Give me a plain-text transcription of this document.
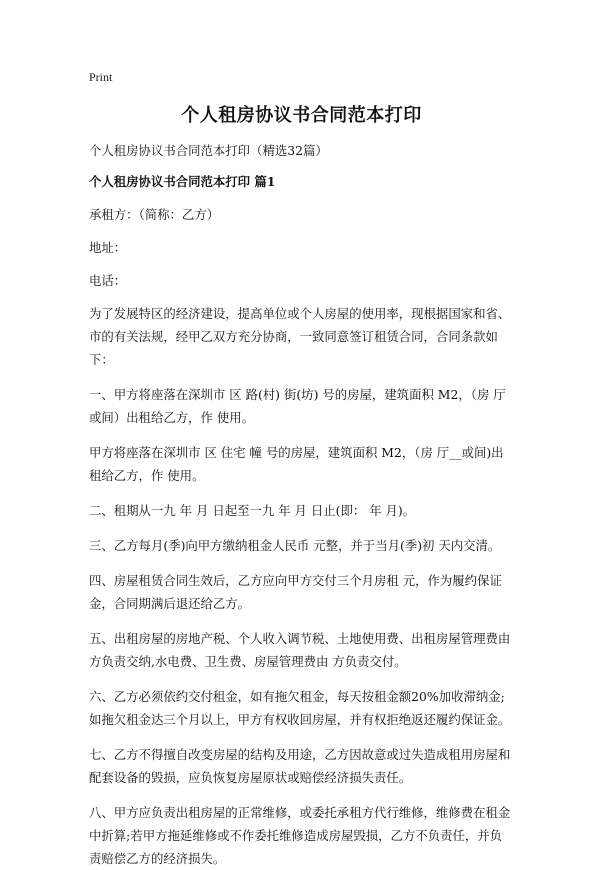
Print
个人租房协议书合同范本打印

个人租房协议书合同范本打印（精选32篇）

个人租房协议书合同范本打印 篇1

承租方：（简称：乙方）

地址：

电话：

为了发展特区的经济建设，提高单位或个人房屋的使用率，现根据国家和省、市的有关法规，经甲乙双方充分协商，一致同意签订租赁合同，合同条款如下：

一、甲方将座落在深圳市 区 路(村) 街(坊) 号的房屋，建筑面积 M2，（房 厅或间）出租给乙方，作 使用。

甲方将座落在深圳市 区 住宅 幢 号的房屋，建筑面积 M2，（房 厅__或间)出租给乙方，作 使用。

二、租期从一九 年 月 日起至一九 年 月 日止(即： 年 月)。

三、乙方每月(季)向甲方缴纳租金人民币 元整，并于当月(季)初 天内交清。

四、房屋租赁合同生效后，乙方应向甲方交付三个月房租 元，作为履约保证金，合同期满后退还给乙方。

五、出租房屋的房地产税、个人收入调节税、土地使用费、出租房屋管理费由 方负责交纳,水电费、卫生费、房屋管理费由 方负责交付。

六、乙方必须依约交付租金，如有拖欠租金，每天按租金额20%加收滞纳金;如拖欠租金达三个月以上，甲方有权收回房屋，并有权拒绝返还履约保证金。

七、乙方不得擅自改变房屋的结构及用途，乙方因故意或过失造成租用房屋和配套设备的毁损，应负恢复房屋原状或赔偿经济损失责任。

八、甲方应负责出租房屋的正常维修，或委托承租方代行维修，维修费在租金中折算;若甲方拖延维修或不作委托维修造成房屋毁损，乙方不负责任，并负责赔偿乙方的经济损失。
